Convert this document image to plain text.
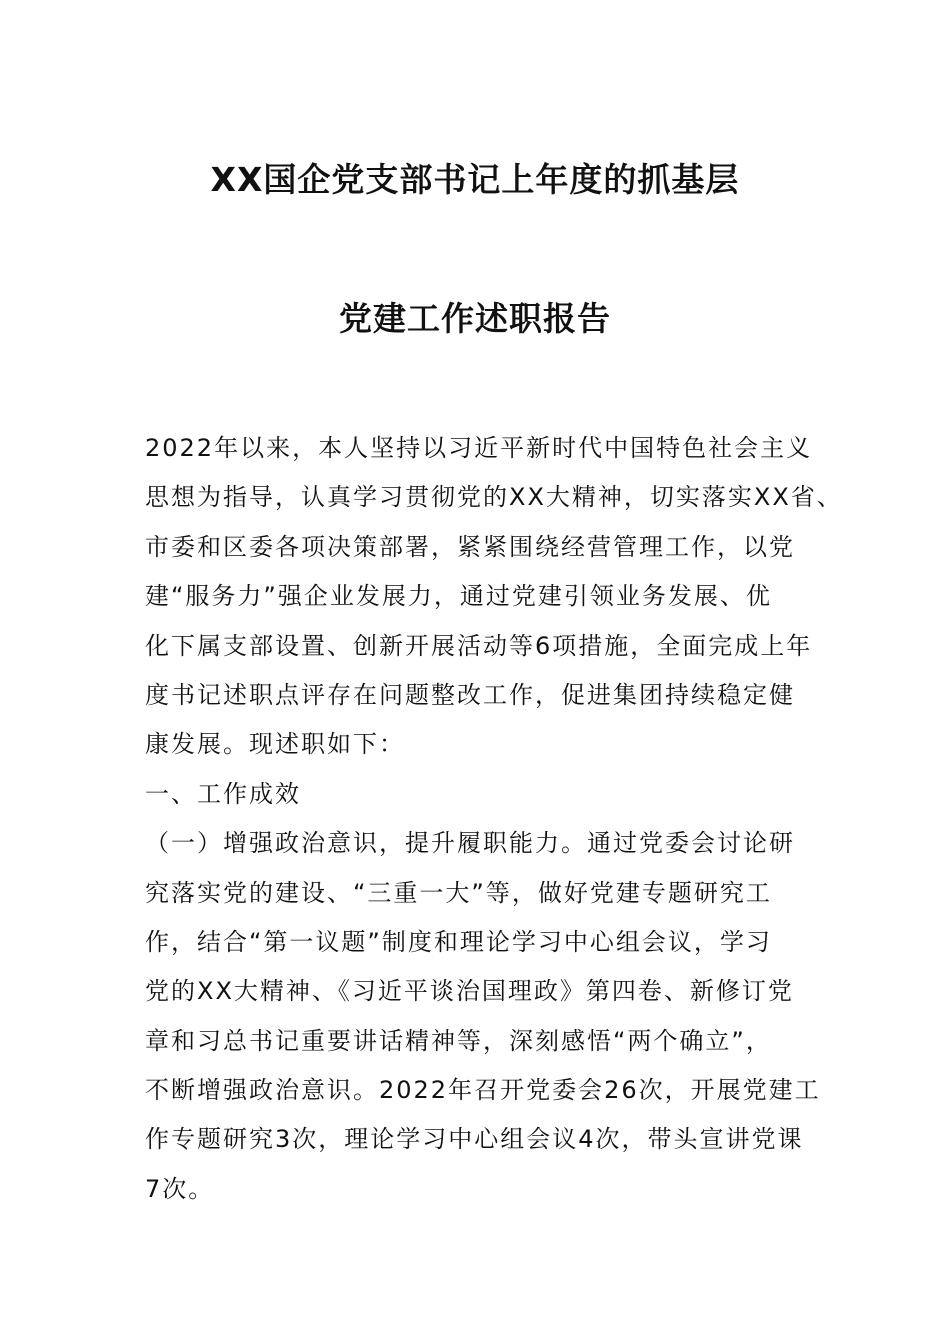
XX国企党支部书记上年度的抓基层
党建工作述职报告
2022年以来，本人坚持以习近平新时代中国特色社会主义
思想为指导，认真学习贯彻党的XX大精神，切实落实XX省、
市委和区委各项决策部署，紧紧围绕经营管理工作，以党
建“服务力”强企业发展力，通过党建引领业务发展、优
化下属支部设置、创新开展活动等6项措施，全面完成上年
度书记述职点评存在问题整改工作，促进集团持续稳定健
康发展。现述职如下：
一、工作成效
（一）增强政治意识，提升履职能力。通过党委会讨论研
究落实党的建设、“三重一大”等，做好党建专题研究工
作，结合“第一议题”制度和理论学习中心组会议，学习
党的XX大精神、《习近平谈治国理政》第四卷、新修订党
章和习总书记重要讲话精神等，深刻感悟“两个确立”，
不断增强政治意识。2022年召开党委会26次，开展党建工
作专题研究3次，理论学习中心组会议4次，带头宣讲党课
7次。
